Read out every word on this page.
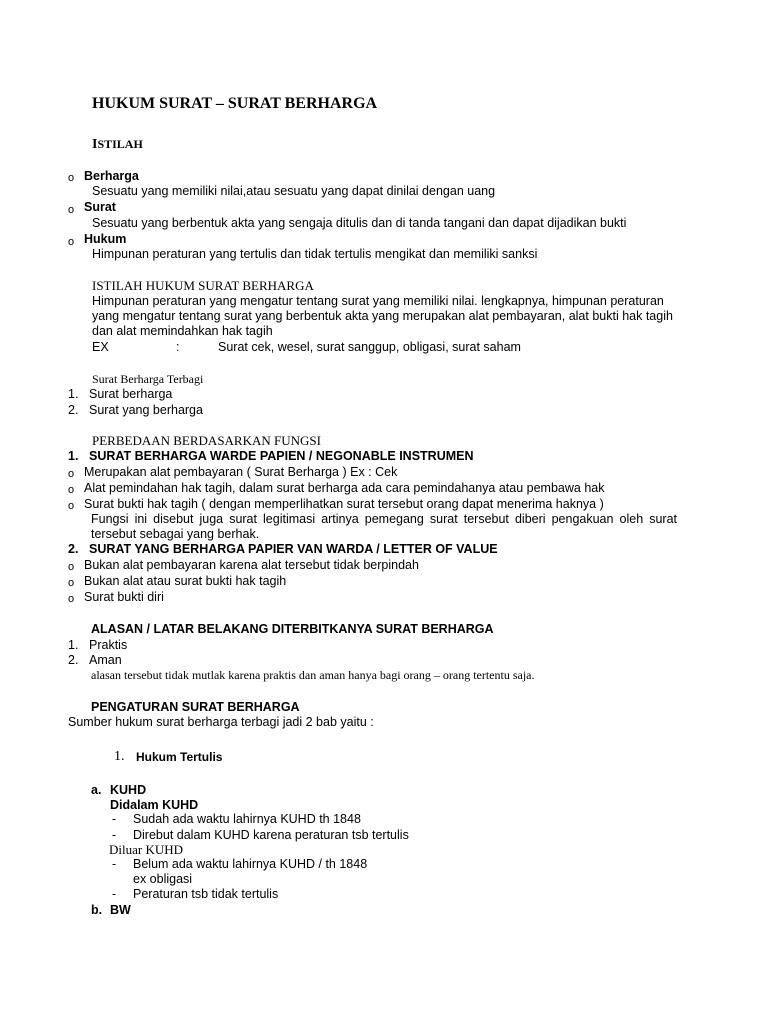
HUKUM SURAT – SURAT BERHARGA
ISTILAH
o Berharga
Sesuatu yang memiliki nilai,atau sesuatu yang dapat dinilai dengan uang
o Surat
Sesuatu yang berbentuk akta yang sengaja ditulis dan di tanda tangani dan dapat dijadikan bukti
o Hukum
Himpunan peraturan yang tertulis dan tidak tertulis mengikat dan memiliki sanksi
ISTILAH HUKUM SURAT BERHARGA
Himpunan peraturan yang mengatur tentang surat yang memiliki nilai. lengkapnya, himpunan peraturan
yang mengatur tentang surat yang berbentuk akta yang merupakan alat pembayaran, alat bukti hak tagih
dan alat memindahkan hak tagih
EX	:	Surat cek, wesel, surat sanggup, obligasi, surat saham
Surat Berharga Terbagi
1. Surat berharga
2. Surat yang berharga
PERBEDAAN BERDASARKAN FUNGSI
1. SURAT BERHARGA WARDE PAPIEN / NEGONABLE INSTRUMEN
o Merupakan alat pembayaran ( Surat Berharga ) Ex : Cek
o Alat pemindahan hak tagih, dalam surat berharga ada cara pemindahanya atau pembawa hak
o Surat bukti hak tagih ( dengan memperlihatkan surat tersebut orang dapat menerima haknya )
Fungsi ini disebut juga surat legitimasi artinya pemegang surat tersebut diberi pengakuan oleh surat tersebut sebagai yang berhak.
2. SURAT YANG BERHARGA PAPIER VAN WARDA / LETTER OF VALUE
o Bukan alat pembayaran karena alat tersebut tidak berpindah
o Bukan alat atau surat bukti hak tagih
o Surat bukti diri
ALASAN / LATAR BELAKANG DITERBITKANYA SURAT BERHARGA
1. Praktis
2. Aman
alasan tersebut tidak mutlak karena praktis dan aman hanya bagi orang – orang tertentu saja.
PENGATURAN SURAT BERHARGA
Sumber hukum surat berharga terbagi jadi 2 bab yaitu :
1. Hukum Tertulis
a. KUHD
Didalam KUHD
- Sudah ada waktu lahirnya KUHD th 1848
- Direbut dalam KUHD karena peraturan tsb tertulis
Diluar KUHD
- Belum ada waktu lahirnya KUHD / th 1848
ex obligasi
- Peraturan tsb tidak tertulis
b. BW
